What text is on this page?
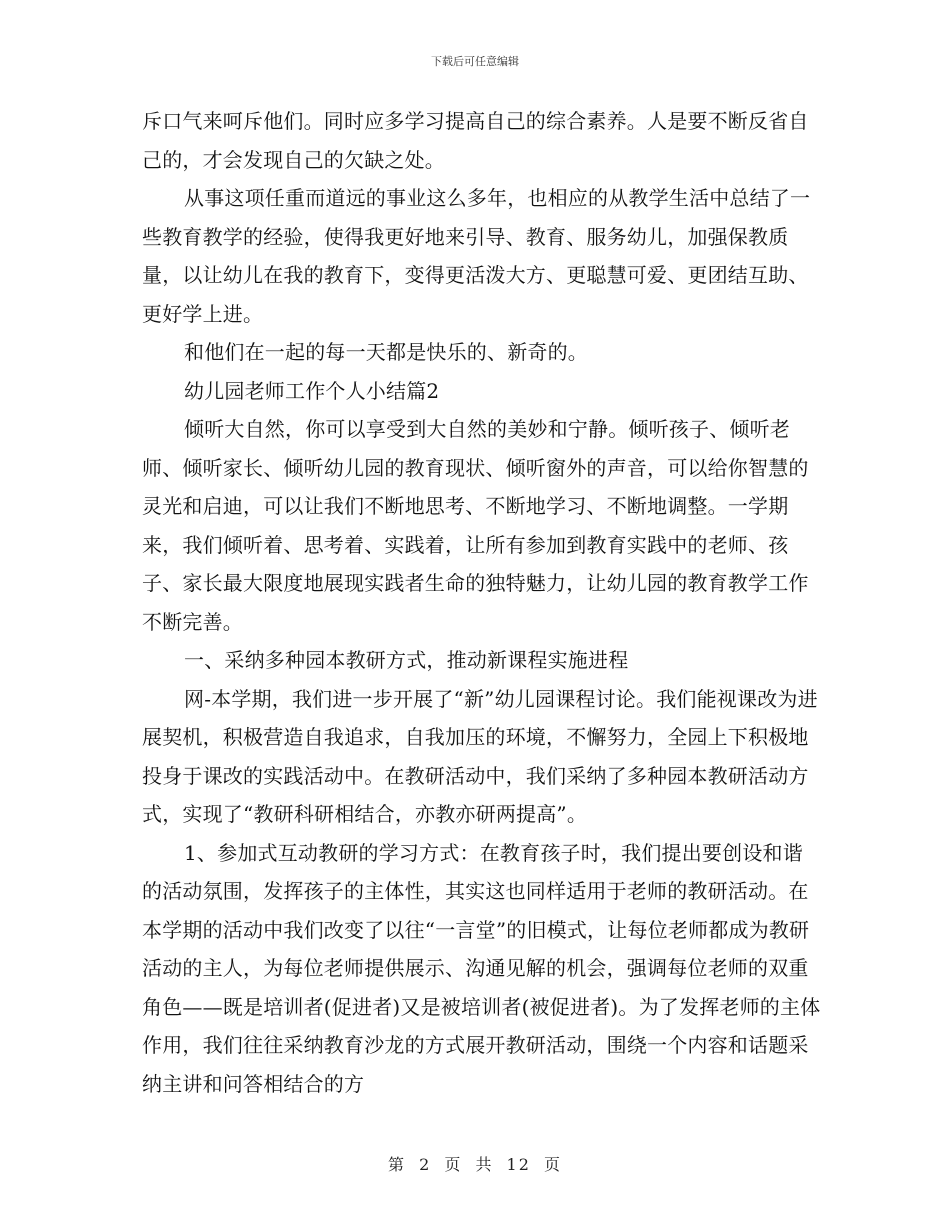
下载后可任意编辑

斥口气来呵斥他们。同时应多学习提高自己的综合素养。人是要不断反省自己的，才会发现自己的欠缺之处。

从事这项任重而道远的事业这么多年，也相应的从教学生活中总结了一些教育教学的经验，使得我更好地来引导、教育、服务幼儿，加强保教质量，以让幼儿在我的教育下，变得更活泼大方、更聪慧可爱、更团结互助、更好学上进。

和他们在一起的每一天都是快乐的、新奇的。

幼儿园老师工作个人小结篇2

倾听大自然，你可以享受到大自然的美妙和宁静。倾听孩子、倾听老师、倾听家长、倾听幼儿园的教育现状、倾听窗外的声音，可以给你智慧的灵光和启迪，可以让我们不断地思考、不断地学习、不断地调整。一学期来，我们倾听着、思考着、实践着，让所有参加到教育实践中的老师、孩子、家长最大限度地展现实践者生命的独特魅力，让幼儿园的教育教学工作不断完善。

一、采纳多种园本教研方式，推动新课程实施进程

网-本学期，我们进一步开展了“新”幼儿园课程讨论。我们能视课改为进展契机，积极营造自我追求，自我加压的环境，不懈努力，全园上下积极地投身于课改的实践活动中。在教研活动中，我们采纳了多种园本教研活动方式，实现了“教研科研相结合，亦教亦研两提高”。

1、参加式互动教研的学习方式：在教育孩子时，我们提出要创设和谐的活动氛围，发挥孩子的主体性，其实这也同样适用于老师的教研活动。在本学期的活动中我们改变了以往“一言堂”的旧模式，让每位老师都成为教研活动的主人，为每位老师提供展示、沟通见解的机会，强调每位老师的双重角色——既是培训者(促进者)又是被培训者(被促进者)。为了发挥老师的主体作用，我们往往采纳教育沙龙的方式展开教研活动，围绕一个内容和话题采纳主讲和问答相结合的方

第 2 页 共 12 页
